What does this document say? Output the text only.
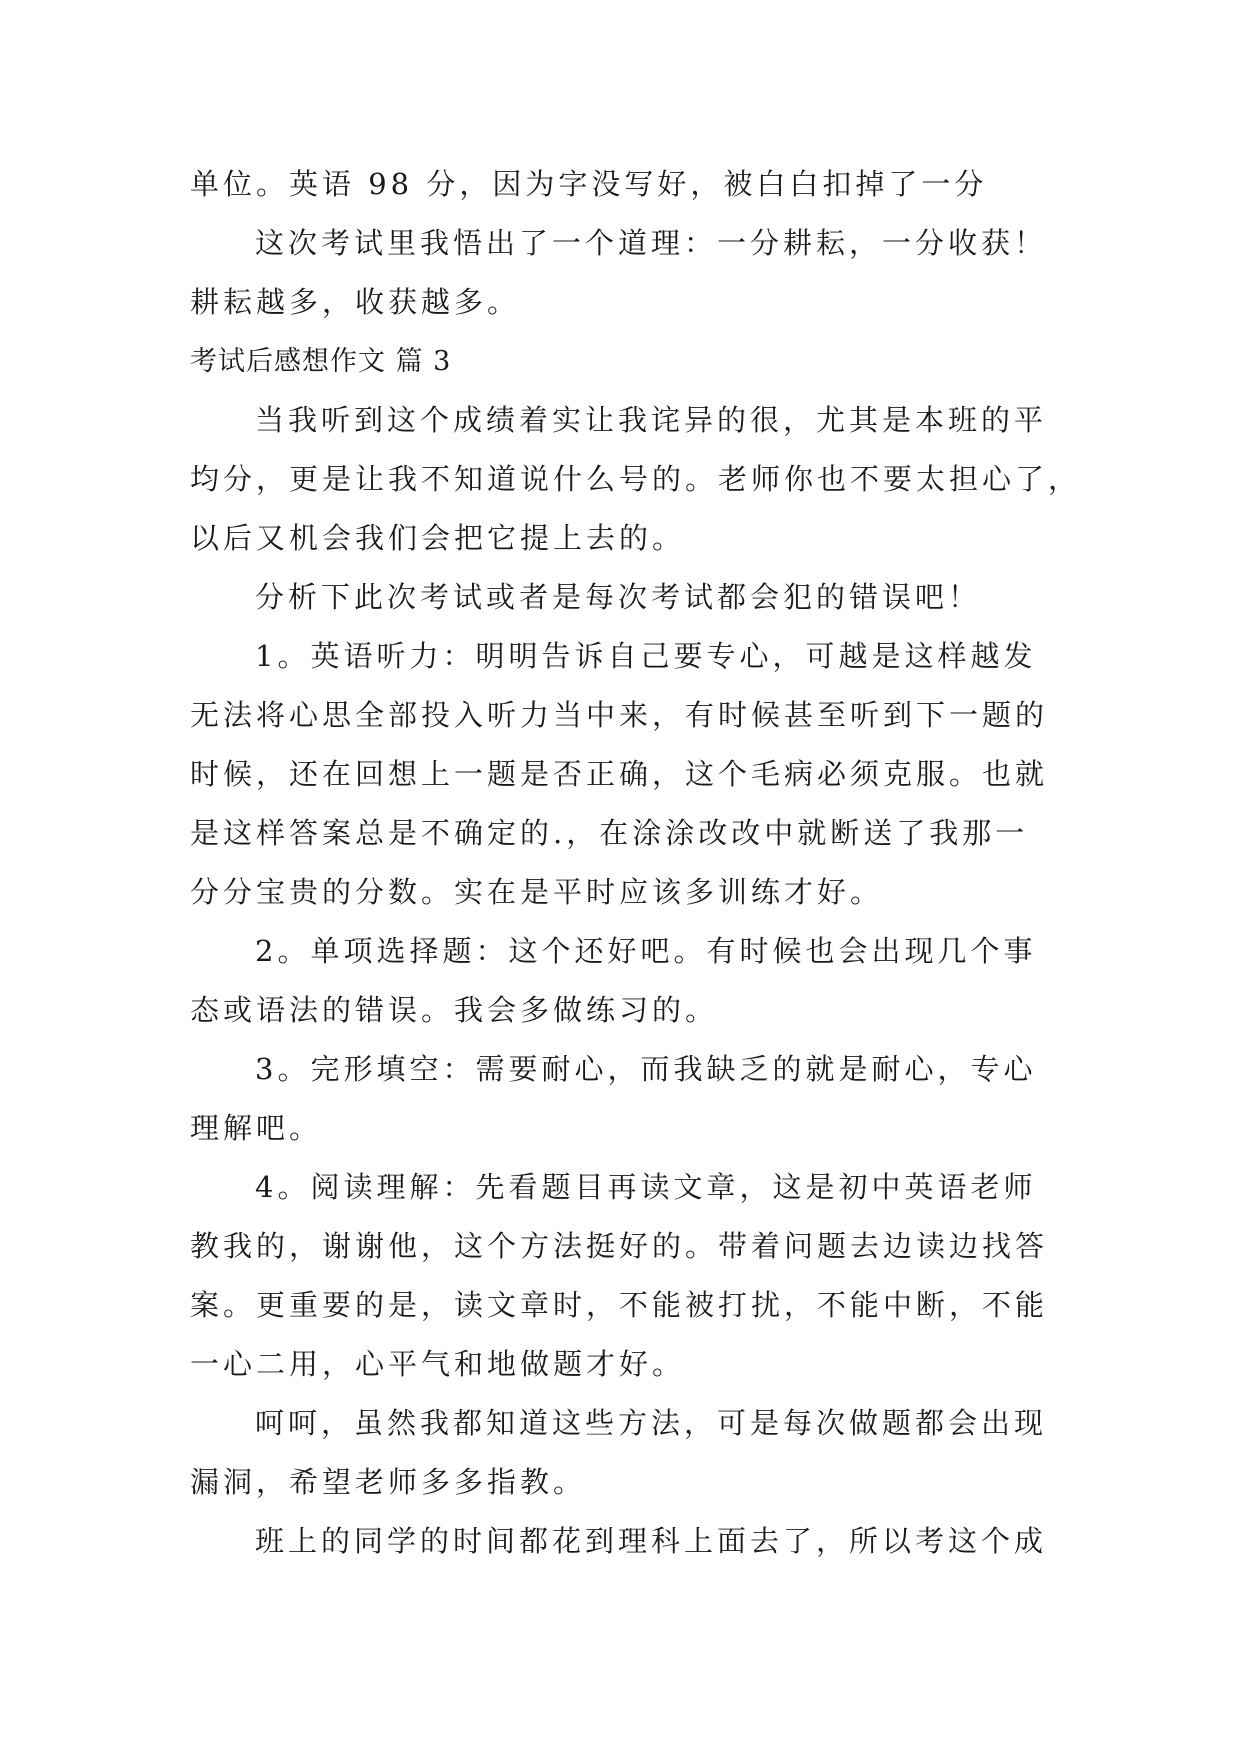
单位。英语 98 分，因为字没写好，被白白扣掉了一分

这次考试里我悟出了一个道理：一分耕耘，一分收获！

耕耘越多，收获越多。

考试后感想作文 篇 3

当我听到这个成绩着实让我诧异的很，尤其是本班的平

均分，更是让我不知道说什么号的。老师你也不要太担心了，

以后又机会我们会把它提上去的。

分析下此次考试或者是每次考试都会犯的错误吧！

1。英语听力：明明告诉自己要专心，可越是这样越发

无法将心思全部投入听力当中来，有时候甚至听到下一题的

时候，还在回想上一题是否正确，这个毛病必须克服。也就

是这样答案总是不确定的.，在涂涂改改中就断送了我那一

分分宝贵的分数。实在是平时应该多训练才好。

2。单项选择题：这个还好吧。有时候也会出现几个事

态或语法的错误。我会多做练习的。

3。完形填空：需要耐心，而我缺乏的就是耐心，专心

理解吧。

4。阅读理解：先看题目再读文章，这是初中英语老师

教我的，谢谢他，这个方法挺好的。带着问题去边读边找答

案。更重要的是，读文章时，不能被打扰，不能中断，不能

一心二用，心平气和地做题才好。

呵呵，虽然我都知道这些方法，可是每次做题都会出现

漏洞，希望老师多多指教。

班上的同学的时间都花到理科上面去了，所以考这个成
